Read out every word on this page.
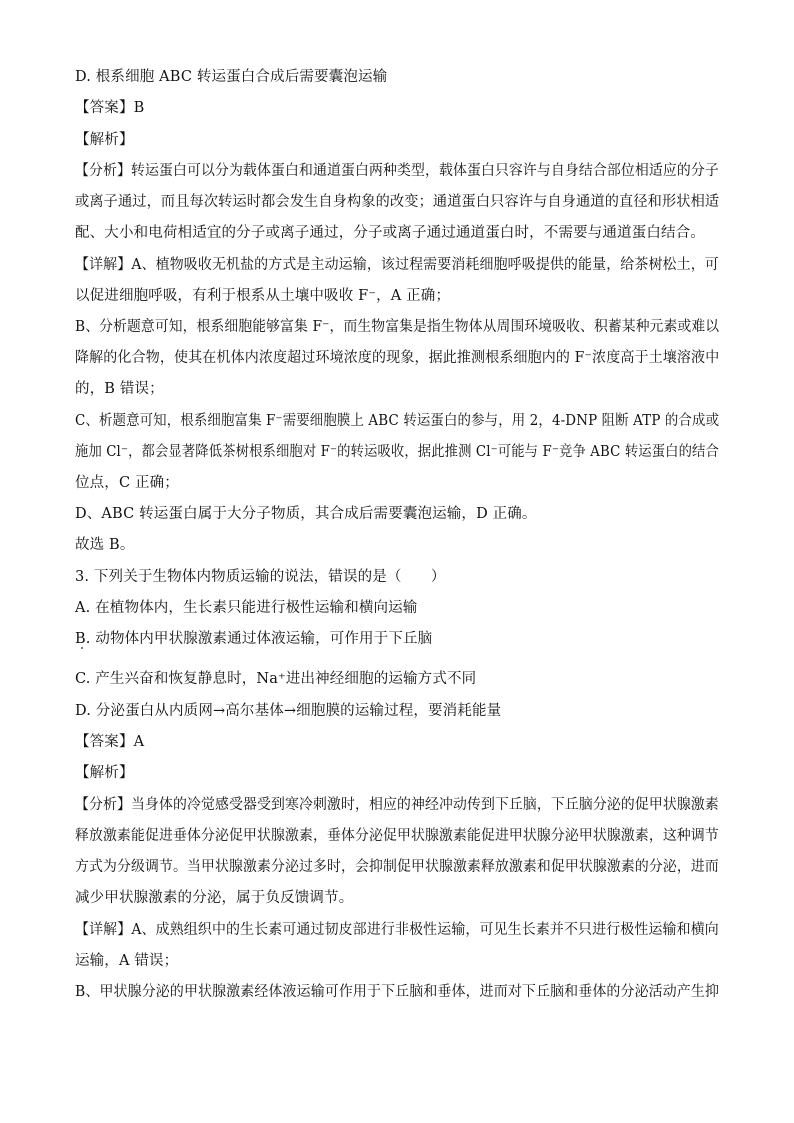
D. 根系细胞 ABC 转运蛋白合成后需要囊泡运输
【答案】B
【解析】
【分析】转运蛋白可以分为载体蛋白和通道蛋白两种类型，载体蛋白只容许与自身结合部位相适应的分子
或离子通过，而且每次转运时都会发生自身构象的改变；通道蛋白只容许与自身通道的直径和形状相适
配、大小和电荷相适宜的分子或离子通过，分子或离子通过通道蛋白时，不需要与通道蛋白结合。
【详解】A、植物吸收无机盐的方式是主动运输，该过程需要消耗细胞呼吸提供的能量，给茶树松土，可
以促进细胞呼吸，有利于根系从土壤中吸收 F⁻，A 正确；
B、分析题意可知，根系细胞能够富集 F⁻，而生物富集是指生物体从周围环境吸收、积蓄某种元素或难以
降解的化合物，使其在机体内浓度超过环境浓度的现象，据此推测根系细胞内的 F⁻浓度高于土壤溶液中
的，B 错误；
C、析题意可知，根系细胞富集 F⁻需要细胞膜上 ABC 转运蛋白的参与，用 2，4-DNP 阻断 ATP 的合成或
施加 Cl⁻，都会显著降低茶树根系细胞对 F⁻的转运吸收，据此推测 Cl⁻可能与 F⁻竞争 ABC 转运蛋白的结合
位点，C 正确；
D、ABC 转运蛋白属于大分子物质，其合成后需要囊泡运输，D 正确。
故选 B。
3. 下列关于生物体内物质运输的说法，错误的是（　　）
A. 在植物体内，生长素只能进行极性运输和横向运输
B. 动物体内甲状腺激素通过体液运输，可作用于下丘脑
C. 产生兴奋和恢复静息时，Na⁺进出神经细胞的运输方式不同
D. 分泌蛋白从内质网→高尔基体→细胞膜的运输过程，要消耗能量
【答案】A
【解析】
【分析】当身体的冷觉感受器受到寒冷刺激时，相应的神经冲动传到下丘脑，下丘脑分泌的促甲状腺激素
释放激素能促进垂体分泌促甲状腺激素，垂体分泌促甲状腺激素能促进甲状腺分泌甲状腺激素，这种调节
方式为分级调节。当甲状腺激素分泌过多时，会抑制促甲状腺激素释放激素和促甲状腺激素的分泌，进而
减少甲状腺激素的分泌，属于负反馈调节。
【详解】A、成熟组织中的生长素可通过韧皮部进行非极性运输，可见生长素并不只进行极性运输和横向
运输，A 错误；
B、甲状腺分泌的甲状腺激素经体液运输可作用于下丘脑和垂体，进而对下丘脑和垂体的分泌活动产生抑
